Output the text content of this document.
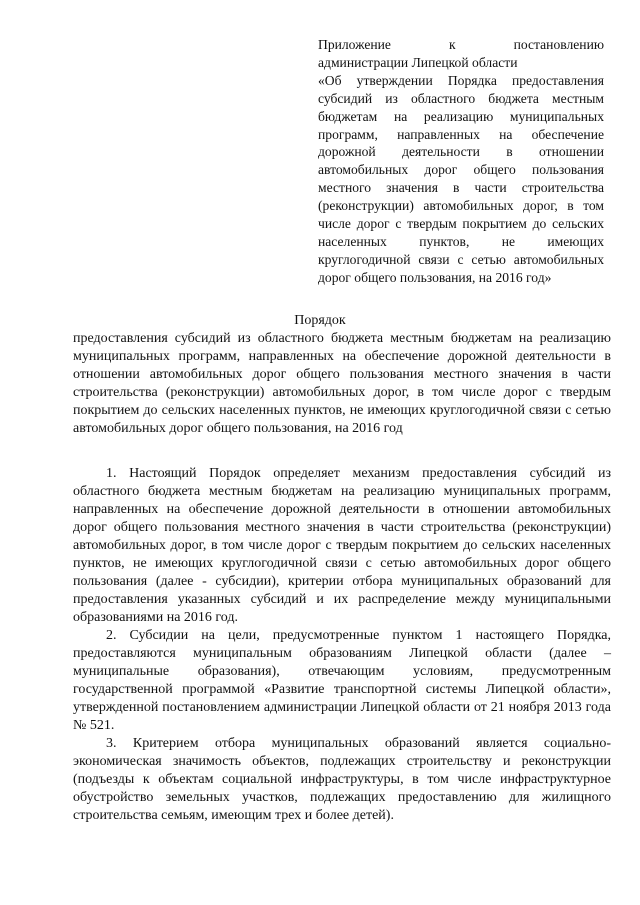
Приложение к постановлению

администрации Липецкой области

«Об утверждении Порядка предоставления субсидий из областного бюджета местным бюджетам на реализацию муниципальных программ, направленных на обеспечение дорожной деятельности в отношении автомобильных дорог общего пользования местного значения в части строительства (реконструкции) автомобильных дорог, в том числе дорог с твердым покрытием до сельских населенных пунктов, не имеющих круглогодичной связи с сетью автомобильных дорог общего пользования, на 2016 год»

Порядок
предоставления субсидий из областного бюджета местным бюджетам на реализацию муниципальных программ, направленных на обеспечение дорожной деятельности в отношении автомобильных дорог общего пользования местного значения в части строительства (реконструкции) автомобильных дорог, в том числе дорог с твердым покрытием до сельских населенных пунктов, не имеющих круглогодичной связи с сетью автомобильных дорог общего пользования, на 2016 год

1. Настоящий Порядок определяет механизм предоставления субсидий из областного бюджета местным бюджетам на реализацию муниципальных программ, направленных на обеспечение дорожной деятельности в отношении автомобильных дорог общего пользования местного значения в части строительства (реконструкции) автомобильных дорог, в том числе дорог с твердым покрытием до сельских населенных пунктов, не имеющих круглогодичной связи с сетью автомобильных дорог общего пользования (далее - субсидии), критерии отбора муниципальных образований для предоставления указанных субсидий и их распределение между муниципальными образованиями на 2016 год.

2. Субсидии на цели, предусмотренные пунктом 1 настоящего Порядка, предоставляются муниципальным образованиям Липецкой области (далее – муниципальные образования), отвечающим условиям, предусмотренным государственной программой «Развитие транспортной системы Липецкой области», утвержденной постановлением администрации Липецкой области от 21 ноября 2013 года № 521.

3. Критерием отбора муниципальных образований является социально-экономическая значимость объектов, подлежащих строительству и реконструкции (подъезды к объектам социальной инфраструктуры, в том числе инфраструктурное обустройство земельных участков, подлежащих предоставлению для жилищного строительства семьям, имеющим трех и более детей).
